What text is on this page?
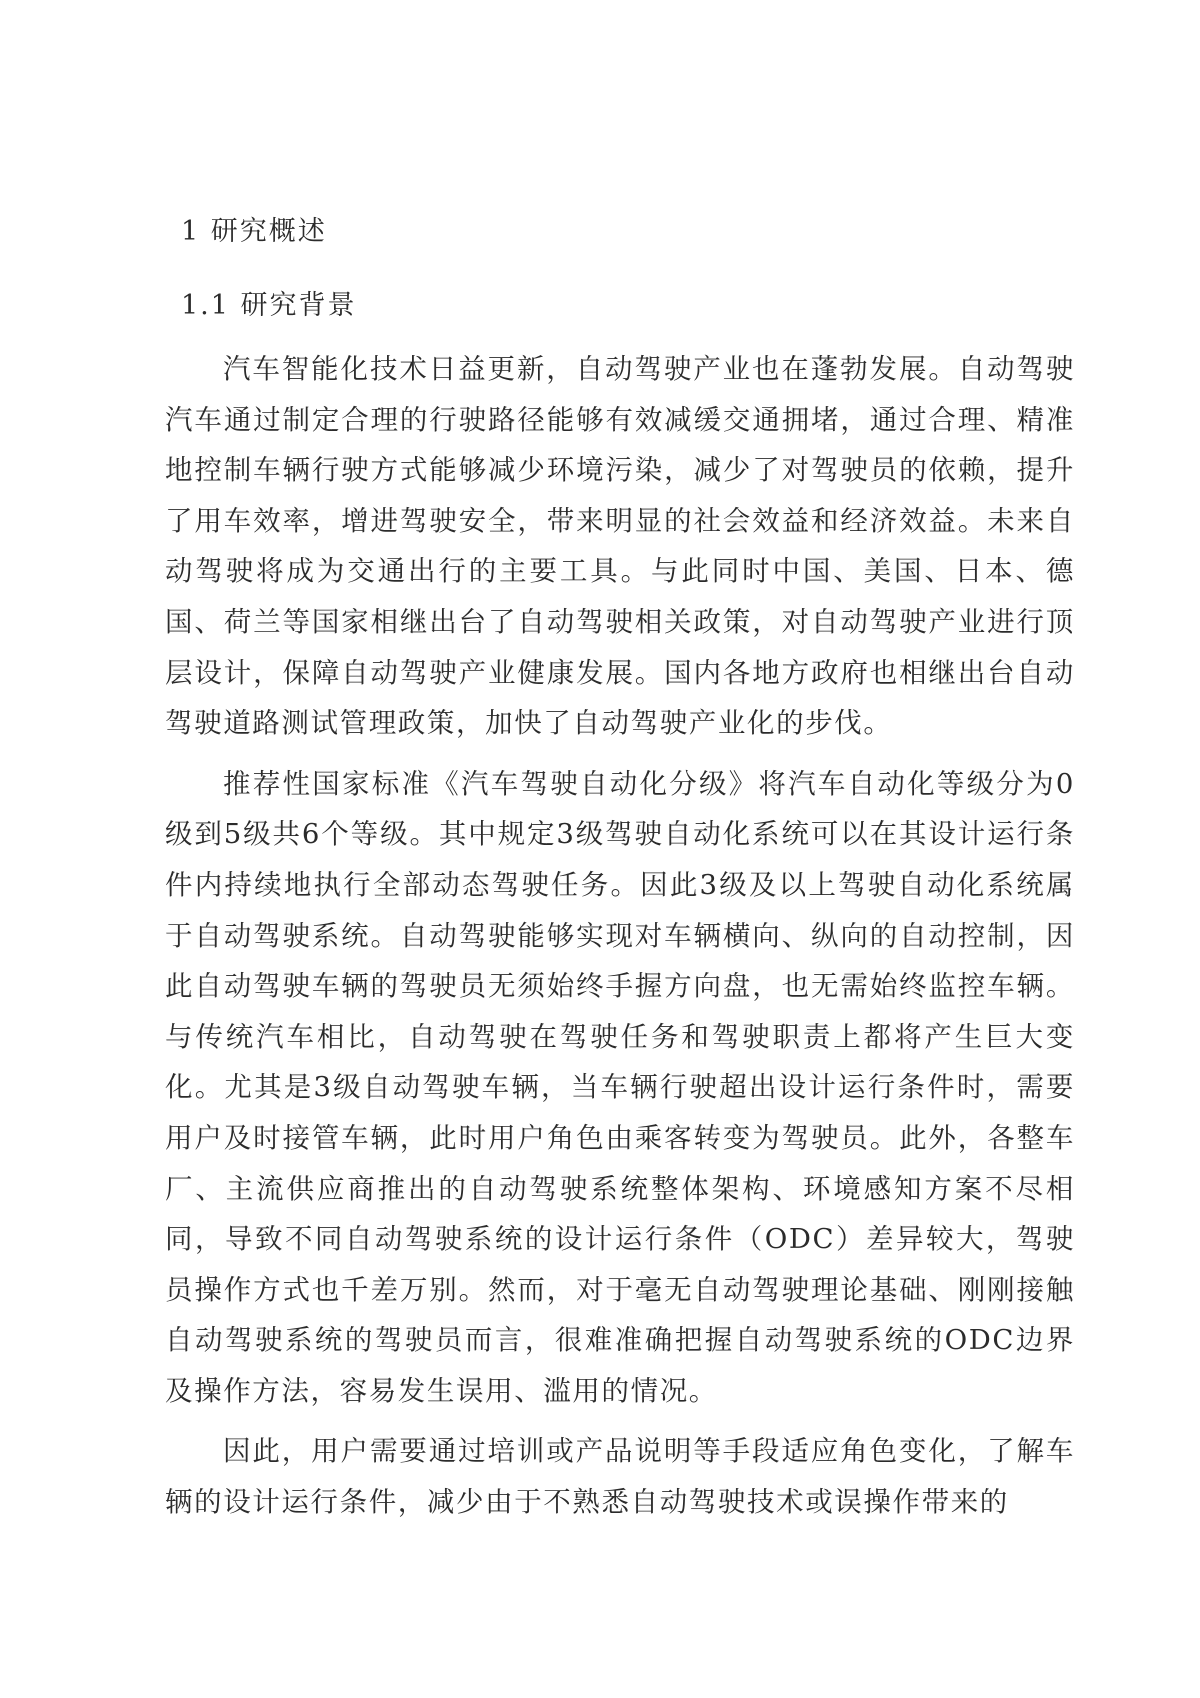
1 研究概述
1.1 研究背景

汽车智能化技术日益更新，自动驾驶产业也在蓬勃发展。自动驾驶汽车通过制定合理的行驶路径能够有效减缓交通拥堵，通过合理、精准地控制车辆行驶方式能够减少环境污染，减少了对驾驶员的依赖，提升了用车效率，增进驾驶安全，带来明显的社会效益和经济效益。未来自动驾驶将成为交通出行的主要工具。与此同时中国、美国、日本、德国、荷兰等国家相继出台了自动驾驶相关政策，对自动驾驶产业进行顶层设计，保障自动驾驶产业健康发展。国内各地方政府也相继出台自动驾驶道路测试管理政策，加快了自动驾驶产业化的步伐。

推荐性国家标准《汽车驾驶自动化分级》将汽车自动化等级分为0级到5级共6个等级。其中规定3级驾驶自动化系统可以在其设计运行条件内持续地执行全部动态驾驶任务。因此3级及以上驾驶自动化系统属于自动驾驶系统。自动驾驶能够实现对车辆横向、纵向的自动控制，因此自动驾驶车辆的驾驶员无须始终手握方向盘，也无需始终监控车辆。与传统汽车相比，自动驾驶在驾驶任务和驾驶职责上都将产生巨大变化。尤其是3级自动驾驶车辆，当车辆行驶超出设计运行条件时，需要用户及时接管车辆，此时用户角色由乘客转变为驾驶员。此外，各整车厂、主流供应商推出的自动驾驶系统整体架构、环境感知方案不尽相同，导致不同自动驾驶系统的设计运行条件（ODC）差异较大，驾驶员操作方式也千差万别。然而，对于毫无自动驾驶理论基础、刚刚接触自动驾驶系统的驾驶员而言，很难准确把握自动驾驶系统的ODC边界及操作方法，容易发生误用、滥用的情况。

因此，用户需要通过培训或产品说明等手段适应角色变化，了解车辆的设计运行条件，减少由于不熟悉自动驾驶技术或误操作带来的
